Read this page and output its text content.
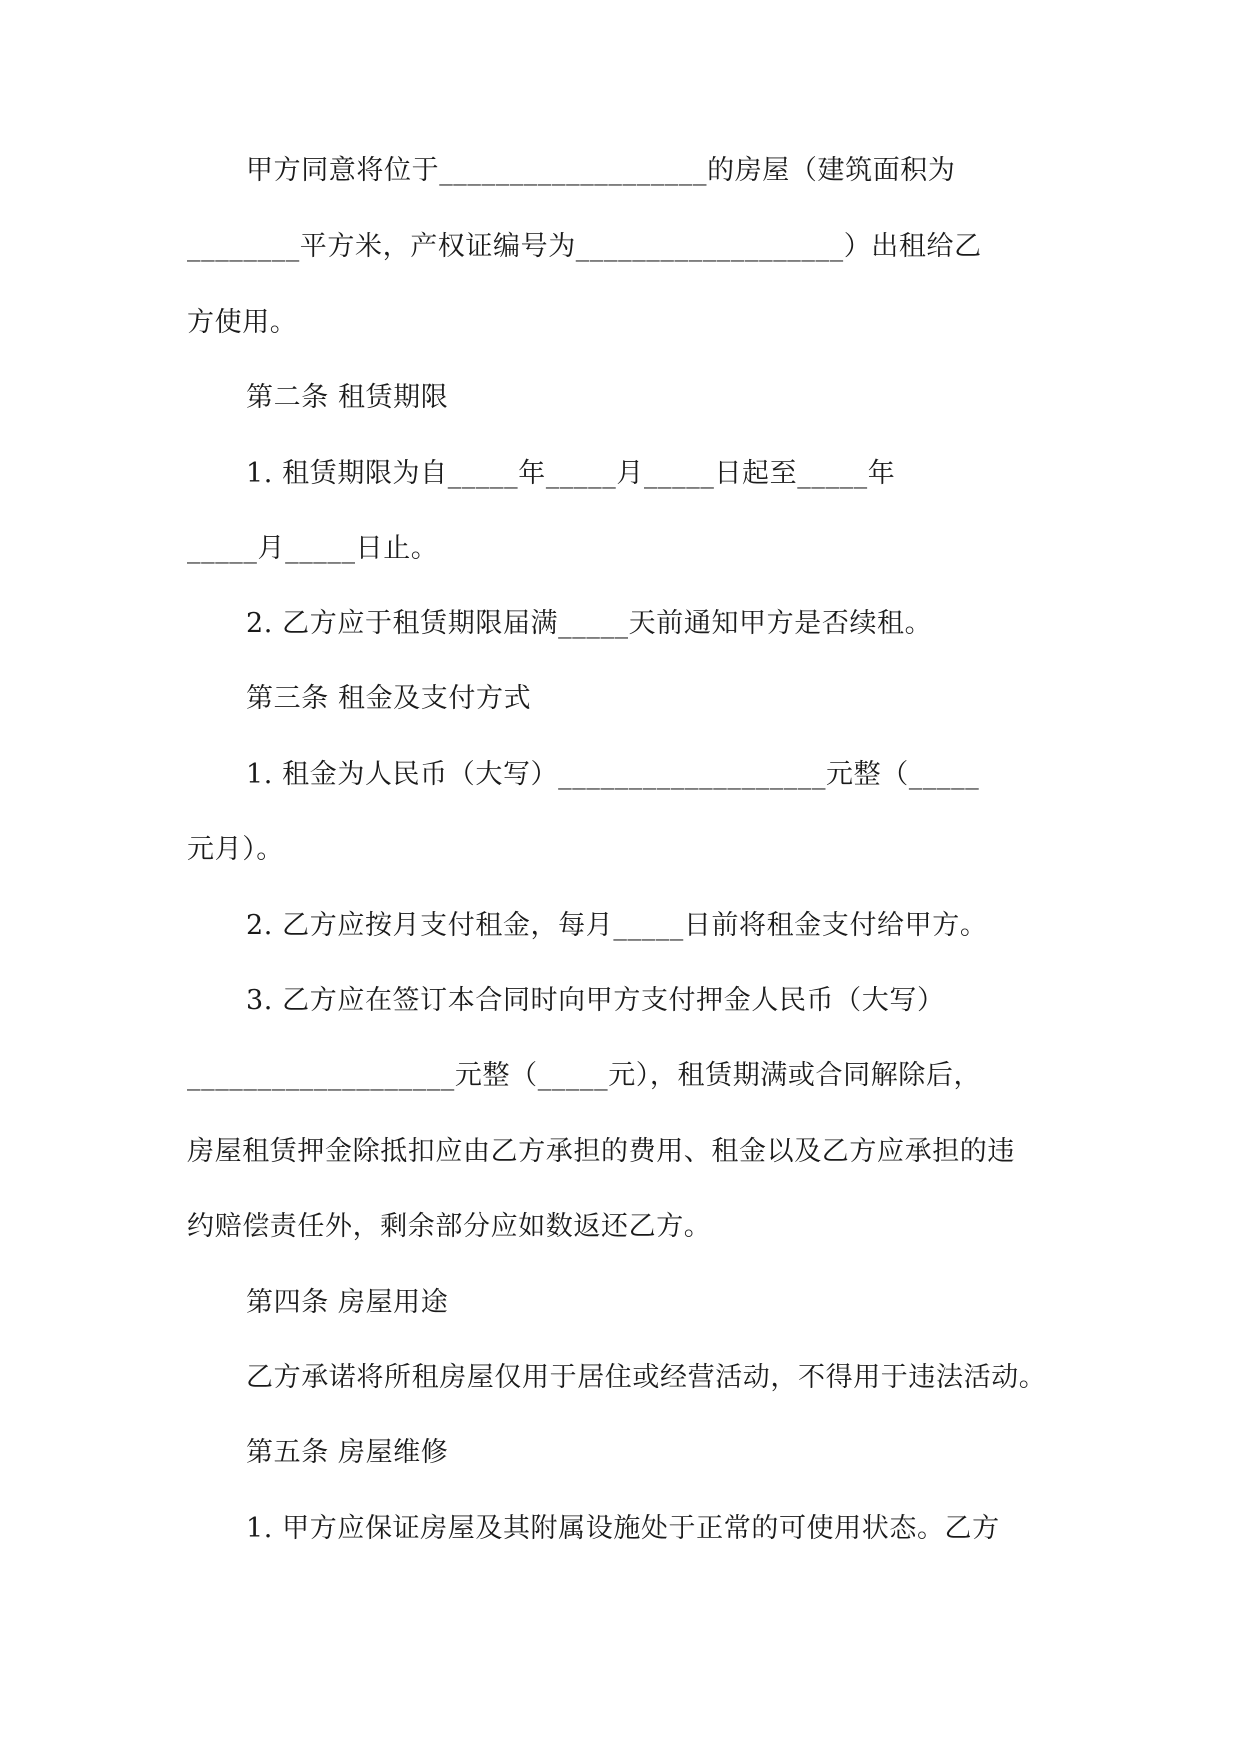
甲方同意将位于___________________的房屋（建筑面积为
________平方米，产权证编号为___________________）出租给乙
方使用。
第二条 租赁期限
1. 租赁期限为自_____年_____月_____日起至_____年
_____月_____日止。
2. 乙方应于租赁期限届满_____天前通知甲方是否续租。
第三条 租金及支付方式
1. 租金为人民币（大写）___________________元整（_____
元月）。
2. 乙方应按月支付租金，每月_____日前将租金支付给甲方。
3. 乙方应在签订本合同时向甲方支付押金人民币（大写）
___________________元整（_____元），租赁期满或合同解除后，
房屋租赁押金除抵扣应由乙方承担的费用、租金以及乙方应承担的违
约赔偿责任外，剩余部分应如数返还乙方。
第四条 房屋用途
乙方承诺将所租房屋仅用于居住或经营活动，不得用于违法活动。
第五条 房屋维修
1. 甲方应保证房屋及其附属设施处于正常的可使用状态。乙方
